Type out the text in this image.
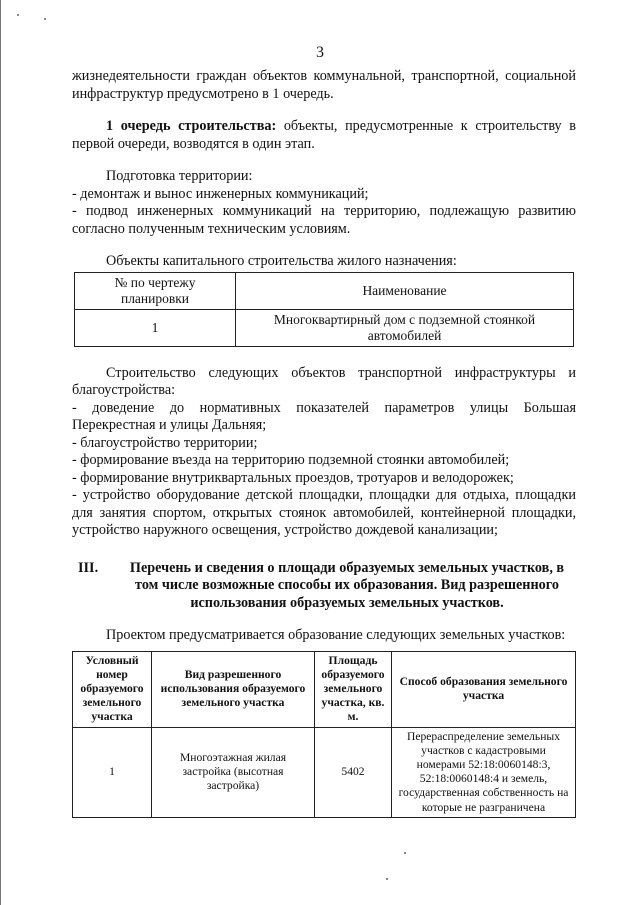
3

жизнедеятельности граждан объектов коммунальной, транспортной, социальной инфраструктур предусмотрено в 1 очередь.

1 очередь строительства: объекты, предусмотренные к строительству в первой очереди, возводятся в один этап.

Подготовка территории:

- демонтаж и вынос инженерных коммуникаций;

- подвод инженерных коммуникаций на территорию, подлежащую развитию согласно полученным техническим условиям.

Объекты капитального строительства жилого назначения:

№ по чертежу планировки	Наименование
1	Многоквартирный дом с подземной стоянкой автомобилей

Строительство следующих объектов транспортной инфраструктуры и благоустройства:

- доведение до нормативных показателей параметров улицы Большая Перекрестная и улицы Дальняя;

- благоустройство территории;

- формирование въезда на территорию подземной стоянки автомобилей;

- формирование внутриквартальных проездов, тротуаров и велодорожек;

- устройство оборудование детской площадки, площадки для отдыха, площадки для занятия спортом, открытых стоянок автомобилей, контейнерной площадки, устройство наружного освещения, устройство дождевой канализации;

III.	Перечень и сведения о площади образуемых земельных участков, в том числе возможные способы их образования. Вид разрешенного использования образуемых земельных участков.

Проектом предусматривается образование следующих земельных участков:

Условный номер образуемого земельного участка	Вид разрешенного использования образуемого земельного участка	Площадь образуемого земельного участка, кв. м.	Способ образования земельного участка
1	Многоэтажная жилая застройка (высотная застройка)	5402	Перераспределение земельных участков с кадастровыми номерами 52:18:0060148:3, 52:18:0060148:4 и земель, государственная собственность на которые не разграничена
